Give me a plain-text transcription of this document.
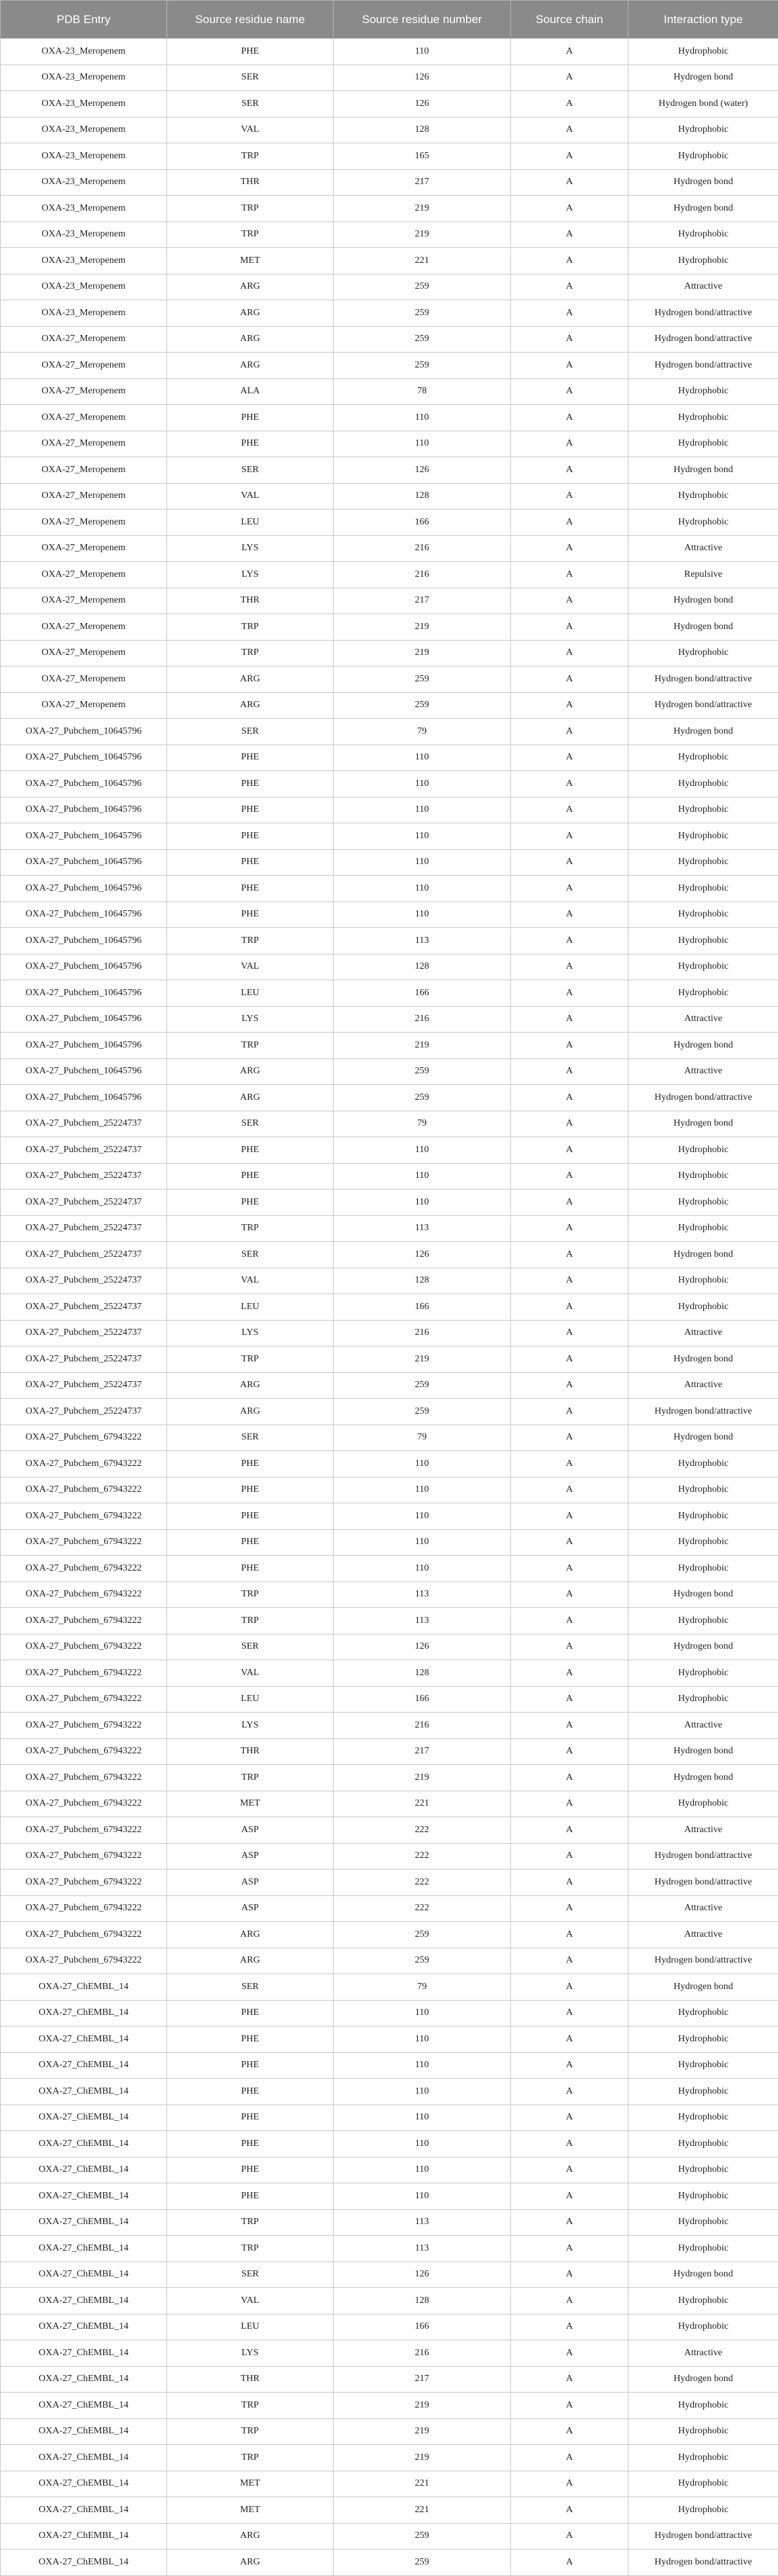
PDB Entry	Source residue name	Source residue number	Source chain	Interaction type
OXA-23_Meropenem	PHE	110	A	Hydrophobic
OXA-23_Meropenem	SER	126	A	Hydrogen bond
OXA-23_Meropenem	SER	126	A	Hydrogen bond (water)
OXA-23_Meropenem	VAL	128	A	Hydrophobic
OXA-23_Meropenem	TRP	165	A	Hydrophobic
OXA-23_Meropenem	THR	217	A	Hydrogen bond
OXA-23_Meropenem	TRP	219	A	Hydrogen bond
OXA-23_Meropenem	TRP	219	A	Hydrophobic
OXA-23_Meropenem	MET	221	A	Hydrophobic
OXA-23_Meropenem	ARG	259	A	Attractive
OXA-23_Meropenem	ARG	259	A	Hydrogen bond/attractive
OXA-27_Meropenem	ARG	259	A	Hydrogen bond/attractive
OXA-27_Meropenem	ARG	259	A	Hydrogen bond/attractive
OXA-27_Meropenem	ALA	78	A	Hydrophobic
OXA-27_Meropenem	PHE	110	A	Hydrophobic
OXA-27_Meropenem	PHE	110	A	Hydrophobic
OXA-27_Meropenem	SER	126	A	Hydrogen bond
OXA-27_Meropenem	VAL	128	A	Hydrophobic
OXA-27_Meropenem	LEU	166	A	Hydrophobic
OXA-27_Meropenem	LYS	216	A	Attractive
OXA-27_Meropenem	LYS	216	A	Repulsive
OXA-27_Meropenem	THR	217	A	Hydrogen bond
OXA-27_Meropenem	TRP	219	A	Hydrogen bond
OXA-27_Meropenem	TRP	219	A	Hydrophobic
OXA-27_Meropenem	ARG	259	A	Hydrogen bond/attractive
OXA-27_Meropenem	ARG	259	A	Hydrogen bond/attractive
OXA-27_Pubchem_10645796	SER	79	A	Hydrogen bond
OXA-27_Pubchem_10645796	PHE	110	A	Hydrophobic
OXA-27_Pubchem_10645796	PHE	110	A	Hydrophobic
OXA-27_Pubchem_10645796	PHE	110	A	Hydrophobic
OXA-27_Pubchem_10645796	PHE	110	A	Hydrophobic
OXA-27_Pubchem_10645796	PHE	110	A	Hydrophobic
OXA-27_Pubchem_10645796	PHE	110	A	Hydrophobic
OXA-27_Pubchem_10645796	PHE	110	A	Hydrophobic
OXA-27_Pubchem_10645796	TRP	113	A	Hydrophobic
OXA-27_Pubchem_10645796	VAL	128	A	Hydrophobic
OXA-27_Pubchem_10645796	LEU	166	A	Hydrophobic
OXA-27_Pubchem_10645796	LYS	216	A	Attractive
OXA-27_Pubchem_10645796	TRP	219	A	Hydrogen bond
OXA-27_Pubchem_10645796	ARG	259	A	Attractive
OXA-27_Pubchem_10645796	ARG	259	A	Hydrogen bond/attractive
OXA-27_Pubchem_25224737	SER	79	A	Hydrogen bond
OXA-27_Pubchem_25224737	PHE	110	A	Hydrophobic
OXA-27_Pubchem_25224737	PHE	110	A	Hydrophobic
OXA-27_Pubchem_25224737	PHE	110	A	Hydrophobic
OXA-27_Pubchem_25224737	TRP	113	A	Hydrophobic
OXA-27_Pubchem_25224737	SER	126	A	Hydrogen bond
OXA-27_Pubchem_25224737	VAL	128	A	Hydrophobic
OXA-27_Pubchem_25224737	LEU	166	A	Hydrophobic
OXA-27_Pubchem_25224737	LYS	216	A	Attractive
OXA-27_Pubchem_25224737	TRP	219	A	Hydrogen bond
OXA-27_Pubchem_25224737	ARG	259	A	Attractive
OXA-27_Pubchem_25224737	ARG	259	A	Hydrogen bond/attractive
OXA-27_Pubchem_67943222	SER	79	A	Hydrogen bond
OXA-27_Pubchem_67943222	PHE	110	A	Hydrophobic
OXA-27_Pubchem_67943222	PHE	110	A	Hydrophobic
OXA-27_Pubchem_67943222	PHE	110	A	Hydrophobic
OXA-27_Pubchem_67943222	PHE	110	A	Hydrophobic
OXA-27_Pubchem_67943222	PHE	110	A	Hydrophobic
OXA-27_Pubchem_67943222	TRP	113	A	Hydrogen bond
OXA-27_Pubchem_67943222	TRP	113	A	Hydrophobic
OXA-27_Pubchem_67943222	SER	126	A	Hydrogen bond
OXA-27_Pubchem_67943222	VAL	128	A	Hydrophobic
OXA-27_Pubchem_67943222	LEU	166	A	Hydrophobic
OXA-27_Pubchem_67943222	LYS	216	A	Attractive
OXA-27_Pubchem_67943222	THR	217	A	Hydrogen bond
OXA-27_Pubchem_67943222	TRP	219	A	Hydrogen bond
OXA-27_Pubchem_67943222	MET	221	A	Hydrophobic
OXA-27_Pubchem_67943222	ASP	222	A	Attractive
OXA-27_Pubchem_67943222	ASP	222	A	Hydrogen bond/attractive
OXA-27_Pubchem_67943222	ASP	222	A	Hydrogen bond/attractive
OXA-27_Pubchem_67943222	ASP	222	A	Attractive
OXA-27_Pubchem_67943222	ARG	259	A	Attractive
OXA-27_Pubchem_67943222	ARG	259	A	Hydrogen bond/attractive
OXA-27_ChEMBL_14	SER	79	A	Hydrogen bond
OXA-27_ChEMBL_14	PHE	110	A	Hydrophobic
OXA-27_ChEMBL_14	PHE	110	A	Hydrophobic
OXA-27_ChEMBL_14	PHE	110	A	Hydrophobic
OXA-27_ChEMBL_14	PHE	110	A	Hydrophobic
OXA-27_ChEMBL_14	PHE	110	A	Hydrophobic
OXA-27_ChEMBL_14	PHE	110	A	Hydrophobic
OXA-27_ChEMBL_14	PHE	110	A	Hydrophobic
OXA-27_ChEMBL_14	PHE	110	A	Hydrophobic
OXA-27_ChEMBL_14	TRP	113	A	Hydrophobic
OXA-27_ChEMBL_14	TRP	113	A	Hydrophobic
OXA-27_ChEMBL_14	SER	126	A	Hydrogen bond
OXA-27_ChEMBL_14	VAL	128	A	Hydrophobic
OXA-27_ChEMBL_14	LEU	166	A	Hydrophobic
OXA-27_ChEMBL_14	LYS	216	A	Attractive
OXA-27_ChEMBL_14	THR	217	A	Hydrogen bond
OXA-27_ChEMBL_14	TRP	219	A	Hydrophobic
OXA-27_ChEMBL_14	TRP	219	A	Hydrophobic
OXA-27_ChEMBL_14	TRP	219	A	Hydrophobic
OXA-27_ChEMBL_14	MET	221	A	Hydrophobic
OXA-27_ChEMBL_14	MET	221	A	Hydrophobic
OXA-27_ChEMBL_14	ARG	259	A	Hydrogen bond/attractive
OXA-27_ChEMBL_14	ARG	259	A	Hydrogen bond/attractive
